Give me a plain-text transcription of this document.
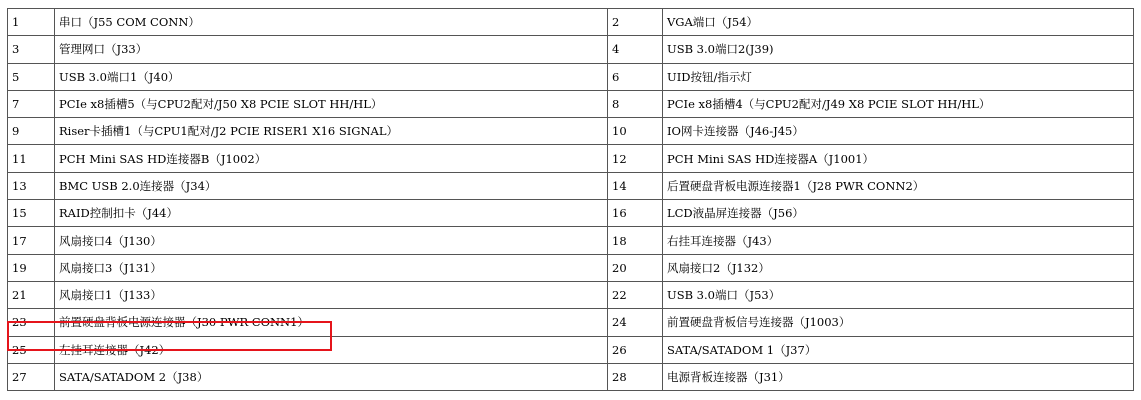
1	串口（J55 COM CONN）	2	VGA端口（J54）
3	管理网口（J33）	4	USB 3.0端口2(J39)
5	USB 3.0端口1（J40）	6	UID按钮/指示灯
7	PCIe x8插槽5（与CPU2配对/J50 X8 PCIE SLOT HH/HL）	8	PCIe x8插槽4（与CPU2配对/J49 X8 PCIE SLOT HH/HL）
9	Riser卡插槽1（与CPU1配对/J2 PCIE RISER1 X16 SIGNAL）	10	IO网卡连接器（J46-J45）
11	PCH Mini SAS HD连接器B（J1002）	12	PCH Mini SAS HD连接器A（J1001）
13	BMC USB 2.0连接器（J34）	14	后置硬盘背板电源连接器1（J28 PWR CONN2）
15	RAID控制扣卡（J44）	16	LCD液晶屏连接器（J56）
17	风扇接口4（J130）	18	右挂耳连接器（J43）
19	风扇接口3（J131）	20	风扇接口2（J132）
21	风扇接口1（J133）	22	USB 3.0端口（J53）
23	前置硬盘背板电源连接器（J30 PWR CONN1）	24	前置硬盘背板信号连接器（J1003）
25	左挂耳连接器（J42）	26	SATA/SATADOM 1（J37）
27	SATA/SATADOM 2（J38）	28	电源背板连接器（J31）
